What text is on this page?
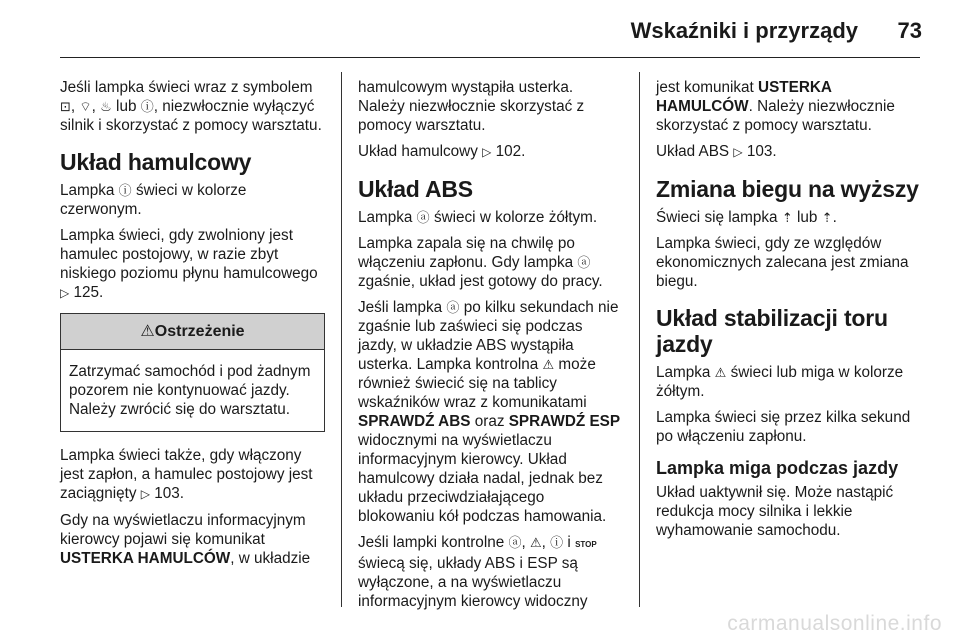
Wskaźniki i przyrządy 73

Jeśli lampka świeci wraz z symbolem ⊡, ⌔, ♨ lub ⓘ, niezwłocznie wyłączyć silnik i skorzystać z pomocy warsztatu.

Układ hamulcowy

Lampka ⓘ świeci w kolorze czerwonym.

Lampka świeci, gdy zwolniony jest hamulec postojowy, w razie zbyt niskiego poziomu płynu hamulcowego ▷ 125.

⚠Ostrzeżenie
Zatrzymać samochód i pod żadnym pozorem nie kontynuować jazdy. Należy zwrócić się do warsztatu.

Lampka świeci także, gdy włączony jest zapłon, a hamulec postojowy jest zaciągnięty ▷ 103.

Gdy na wyświetlaczu informacyjnym kierowcy pojawi się komunikat USTERKA HAMULCÓW, w układzie

hamulcowym wystąpiła usterka. Należy niezwłocznie skorzystać z pomocy warsztatu.

Układ hamulcowy ▷ 102.

Układ ABS

Lampka ⓐ świeci w kolorze żółtym.

Lampka zapala się na chwilę po włączeniu zapłonu. Gdy lampka ⓐ zgaśnie, układ jest gotowy do pracy.

Jeśli lampka ⓐ po kilku sekundach nie zgaśnie lub zaświeci się podczas jazdy, w układzie ABS wystąpiła usterka. Lampka kontrolna ⚠ może również świecić się na tablicy wskaźników wraz z komunikatami SPRAWDŹ ABS oraz SPRAWDŹ ESP widocznymi na wyświetlaczu informacyjnym kierowcy. Układ hamulcowy działa nadal, jednak bez układu przeciwdziałającego blokowaniu kół podczas hamowania.

Jeśli lampki kontrolne ⓐ, ⚠, ⓘ i STOP świecą się, układy ABS i ESP są wyłączone, a na wyświetlaczu informacyjnym kierowcy widoczny

jest komunikat USTERKA HAMULCÓW. Należy niezwłocznie skorzystać z pomocy warsztatu.

Układ ABS ▷ 103.

Zmiana biegu na wyższy

Świeci się lampka ⇡ lub ⇡.

Lampka świeci, gdy ze względów ekonomicznych zalecana jest zmiana biegu.

Układ stabilizacji toru jazdy

Lampka ⚠ świeci lub miga w kolorze żółtym.

Lampka świeci się przez kilka sekund po włączeniu zapłonu.

Lampka miga podczas jazdy

Układ uaktywnił się. Może nastąpić redukcja mocy silnika i lekkie wyhamowanie samochodu.

carmanualsonline.info
